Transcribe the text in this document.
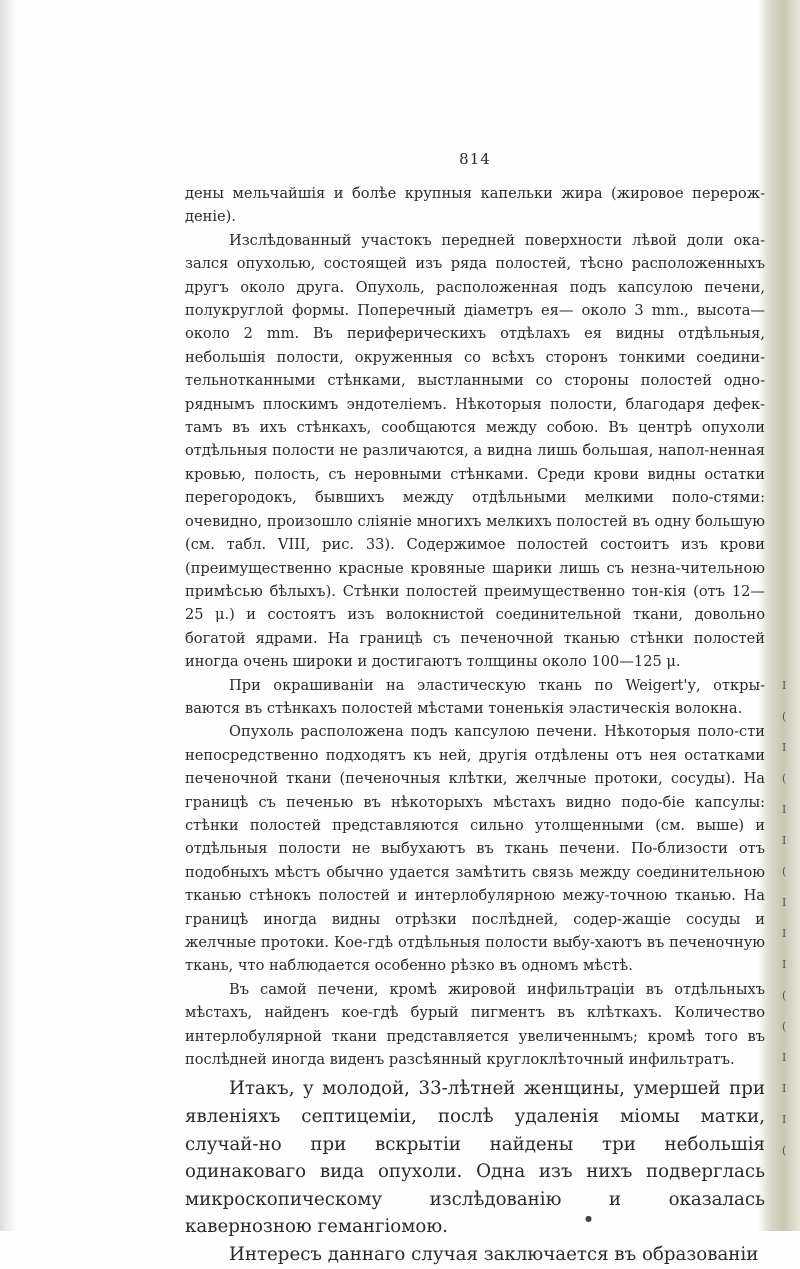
I
(
I
(
I
I
(
I
I
I
(
(
I
I
I
(
814

дены мельчайшія и болѣе крупныя капельки жира (жировое перерож-деніе).

Изслѣдованный участокъ передней поверхности лѣвой доли ока-зался опухолью, состоящей изъ ряда полостей, тѣсно расположенныхъ другъ около друга. Опухоль, расположенная подъ капсулою печени, полукруглой формы. Поперечный діаметръ ея— около 3 mm., высота— около 2 mm. Въ периферическихъ отдѣлахъ ея видны отдѣльныя, небольшія полости, окруженныя со всѣхъ сторонъ тонкими соедини-тельнотканными стѣнками, выстланными со стороны полостей одно-pяднымъ плоскимъ эндотеліемъ. Нѣкоторыя полости, благодаря дефек-тамъ въ ихъ стѣнкахъ, сообщаются между собою. Въ центрѣ опухоли отдѣльныя полости не различаются, а видна лишь большая, напол-ненная кровью, полость, съ неровными стѣнками. Среди крови видны остатки перегородокъ, бывшихъ между отдѣльными мелкими поло-стями: очевидно, произошло сліяніе многихъ мелкихъ полостей въ одну большую (см. табл. VIII, рис. 33). Содержимое полостей состоитъ изъ крови (преимущественно красные кровяные шарики лишь съ незна-чительною примѣсью бѣлыхъ). Стѣнки полостей преимущественно тон-кія (отъ 12—25 μ.) и состоятъ изъ волокнистой соединительной ткани, довольно богатой ядрами. На границѣ съ печеночной тканью стѣнки полостей иногда очень широки и достигаютъ толщины около 100—125 μ.

При окрашиваніи на эластическую ткань по Weigert'у, откры-ваются въ стѣнкахъ полостей мѣстами тоненькія эластическія волокна.

Опухоль расположена подъ капсулою печени. Нѣкоторыя поло-сти непосредственно подходятъ къ ней, другія отдѣлены отъ нея остатками печеночной ткани (печеночныя клѣтки, желчные протоки, сосуды). На границѣ съ печенью въ нѣкоторыхъ мѣстахъ видно подо-біе капсулы: стѣнки полостей представляются сильно утолщенными (см. выше) и отдѣльныя полости не выбухаютъ въ ткань печени. По-близости отъ подобныхъ мѣстъ обычно удается замѣтить связь между соединительною тканью стѣнокъ полостей и интерлобулярною межу-точною тканью. На границѣ иногда видны отрѣзки послѣдней, содер-жащіе сосуды и желчные протоки. Кое-гдѣ отдѣльныя полости выбу-хаютъ въ печеночную ткань, что наблюдается особенно рѣзко въ одномъ мѣстѣ.

Въ самой печени, кромѣ жировой инфильтраціи въ отдѣльныхъ мѣстахъ, найденъ кое-гдѣ бурый пигментъ въ клѣткахъ. Количество интерлобулярной ткани представляется увеличеннымъ; кромѣ того въ послѣдней иногда виденъ разсѣянный круглоклѣточный инфильтратъ.

Итакъ, у молодой, 33-лѣтней женщины, умершей при явленіяхъ септицеміи, послѣ удаленія міомы матки, случай-но при вскрытіи найдены три небольшія одинаковаго вида опухоли. Одна изъ нихъ подверглась микроскопическому изслѣдованію и оказалась кавернозною гемангіомою.

Интересъ даннаго случая заключается въ образованіи

●
